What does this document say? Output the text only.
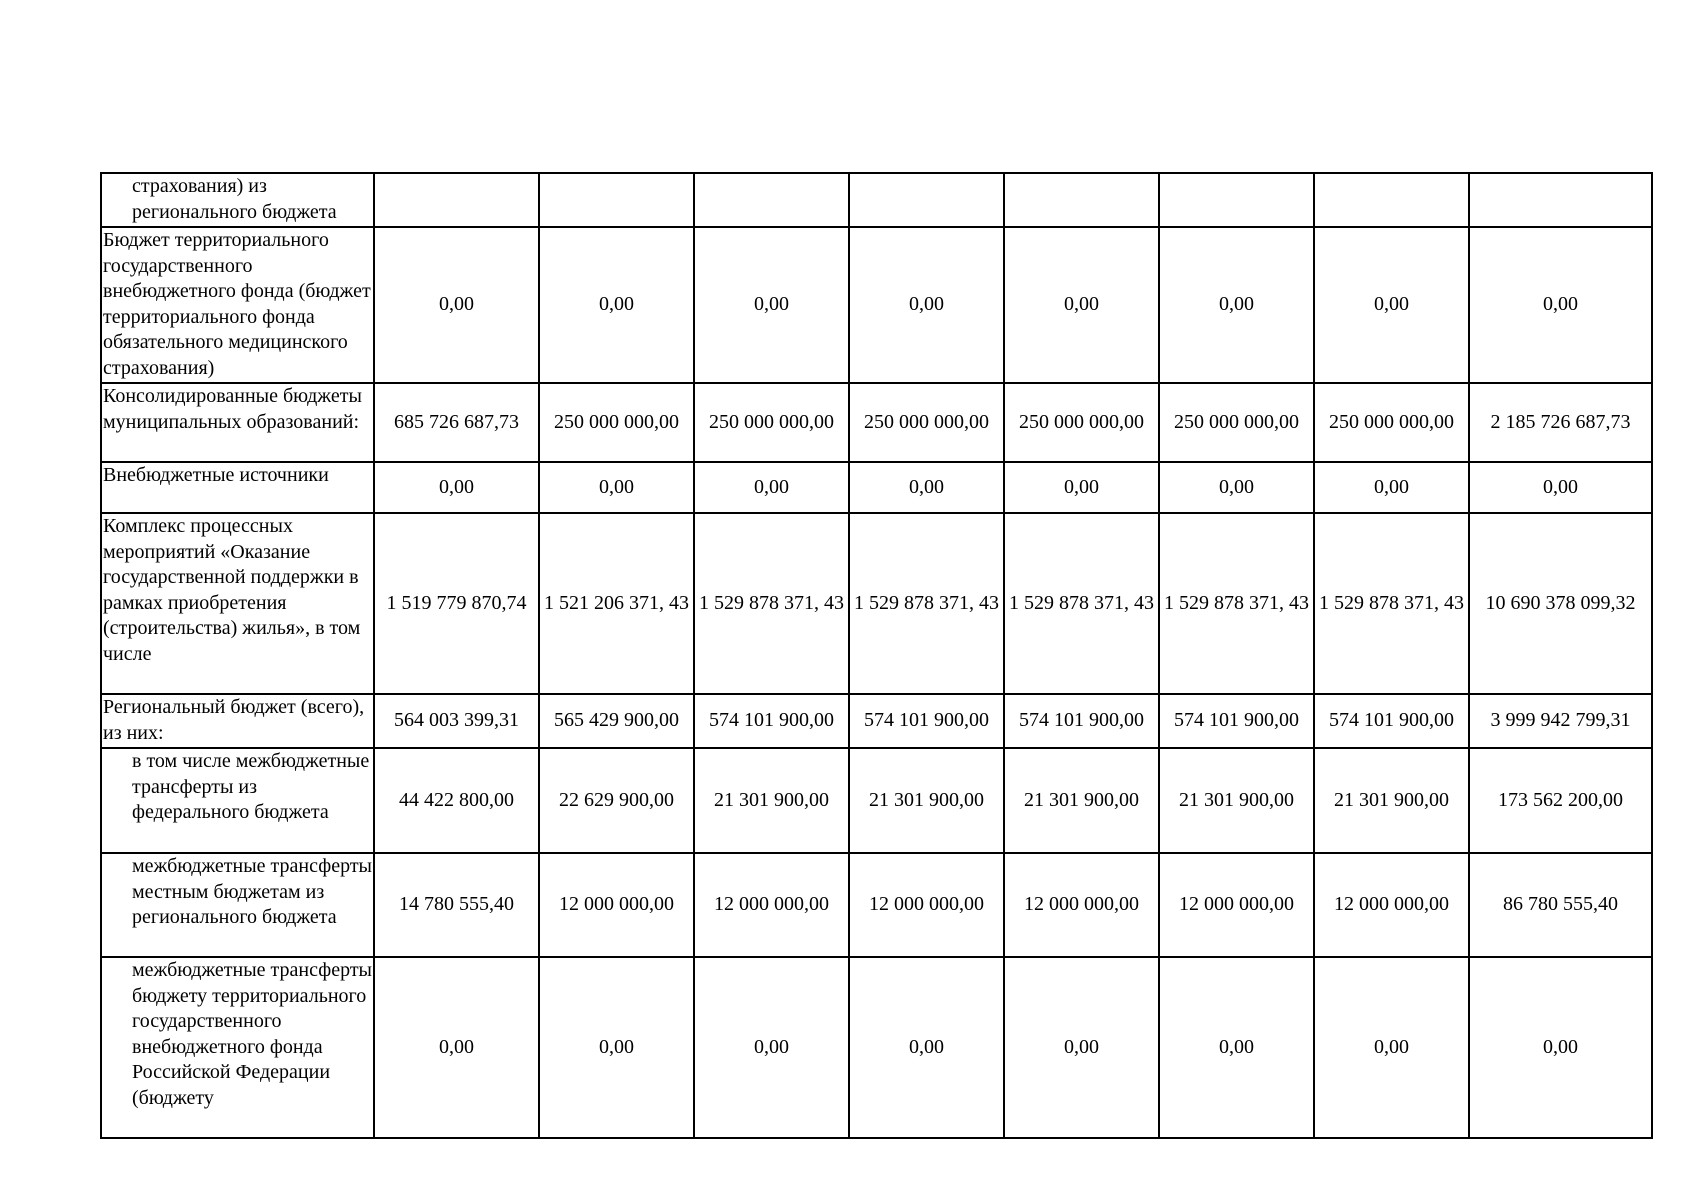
страхования) из регионального бюджета								
Бюджет территориального государственного внебюджетного фонда (бюджет территориального фонда обязательного медицинского страхования)	0,00	0,00	0,00	0,00	0,00	0,00	0,00	0,00
Консолидированные бюджеты муниципальных образований:	685 726 687,73	250 000 000,00	250 000 000,00	250 000 000,00	250 000 000,00	250 000 000,00	250 000 000,00	2 185 726 687,73
Внебюджетные источники	0,00	0,00	0,00	0,00	0,00	0,00	0,00	0,00
Комплекс процессных мероприятий «Оказание государственной поддержки в рамках приобретения (строительства) жилья», в том числе	1 519 779 870,74	1 521 206 371, 43	1 529 878 371, 43	1 529 878 371, 43	1 529 878 371, 43	1 529 878 371, 43	1 529 878 371, 43	10 690 378 099,32
Региональный бюджет (всего), из них:	564 003 399,31	565 429 900,00	574 101 900,00	574 101 900,00	574 101 900,00	574 101 900,00	574 101 900,00	3 999 942 799,31
в том числе межбюджетные трансферты из федерального бюджета	44 422 800,00	22 629 900,00	21 301 900,00	21 301 900,00	21 301 900,00	21 301 900,00	21 301 900,00	173 562 200,00
межбюджетные трансферты местным бюджетам из регионального бюджета	14 780 555,40	12 000 000,00	12 000 000,00	12 000 000,00	12 000 000,00	12 000 000,00	12 000 000,00	86 780 555,40
межбюджетные трансферты бюджету территориального государственного внебюджетного фонда Российской Федерации (бюджету	0,00	0,00	0,00	0,00	0,00	0,00	0,00	0,00
